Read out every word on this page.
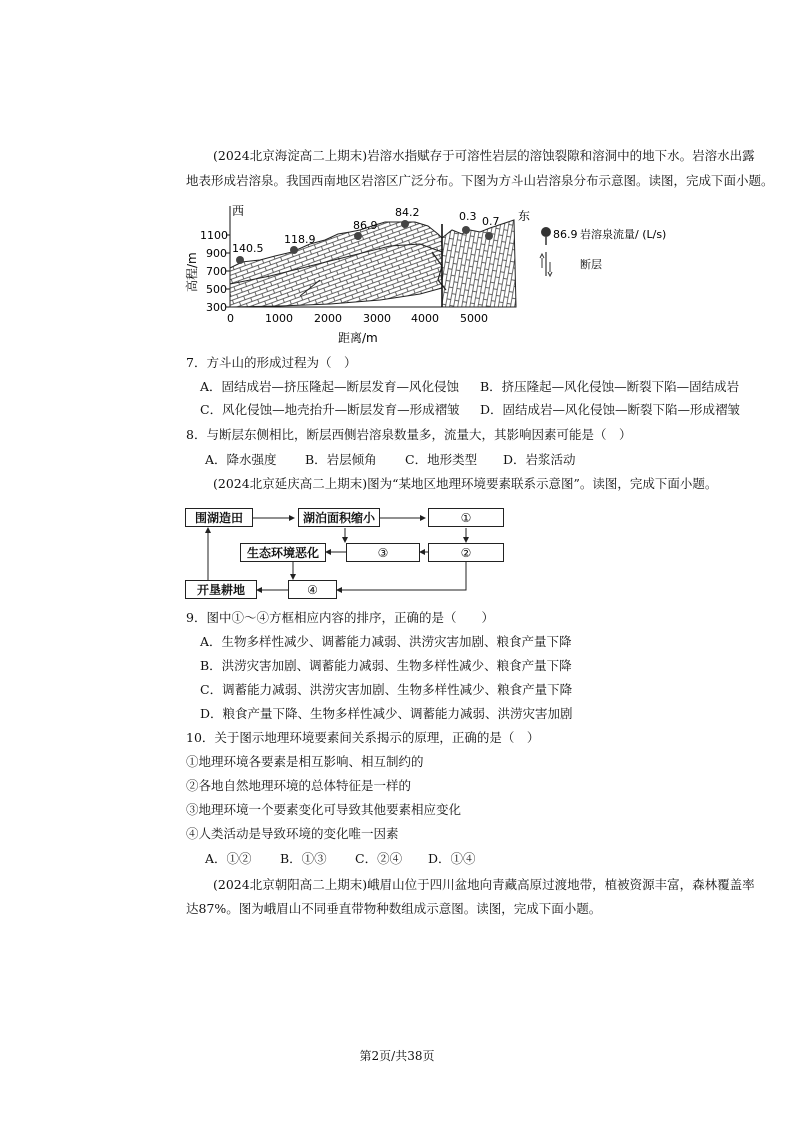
(2024北京海淀高二上期末)岩溶水指赋存于可溶性岩层的溶蚀裂隙和溶洞中的地下水。岩溶水出露
地表形成岩溶泉。我国西南地区岩溶区广泛分布。下图为方斗山岩溶泉分布示意图。读图，完成下面小题。
西	东
1100
900
700
500
300
0	1000 2000 3000 4000 5000
高程/m
距离/m
140.5
118.9
86.9
84.2	0.3 0.7
86.9 岩溶泉流量/ (L/s)
断层
7．方斗山的形成过程为（　）
A．固结成岩—挤压隆起—断层发育—风化侵蚀	B．挤压隆起—风化侵蚀—断裂下陷—固结成岩
C．风化侵蚀—地壳抬升—断层发育—形成褶皱	D．固结成岩—风化侵蚀—断裂下陷—形成褶皱
8．与断层东侧相比，断层西侧岩溶泉数量多，流量大，其影响因素可能是（　）
A．降水强度	B．岩层倾角	C．地形类型	D．岩浆活动
(2024北京延庆高二上期末)图为“某地区地理环境要素联系示意图”。读图，完成下面小题。
围湖造田	湖泊面积缩小	①
生态环境恶化	③	②
开垦耕地	④
9．图中①～④方框相应内容的排序，正确的是（　　）
A．生物多样性减少、调蓄能力减弱、洪涝灾害加剧、粮食产量下降
B．洪涝灾害加剧、调蓄能力减弱、生物多样性减少、粮食产量下降
C．调蓄能力减弱、洪涝灾害加剧、生物多样性减少、粮食产量下降
D．粮食产量下降、生物多样性减少、调蓄能力减弱、洪涝灾害加剧
10．关于图示地理环境要素间关系揭示的原理，正确的是（　）
①地理环境各要素是相互影响、相互制约的
②各地自然地理环境的总体特征是一样的
③地理环境一个要素变化可导致其他要素相应变化
④人类活动是导致环境的变化唯一因素
A．①②	B．①③	C．②④	D．①④
(2024北京朝阳高二上期末)峨眉山位于四川盆地向青藏高原过渡地带，植被资源丰富，森林覆盖率
达87%。图为峨眉山不同垂直带物种数组成示意图。读图，完成下面小题。
第2页/共38页
